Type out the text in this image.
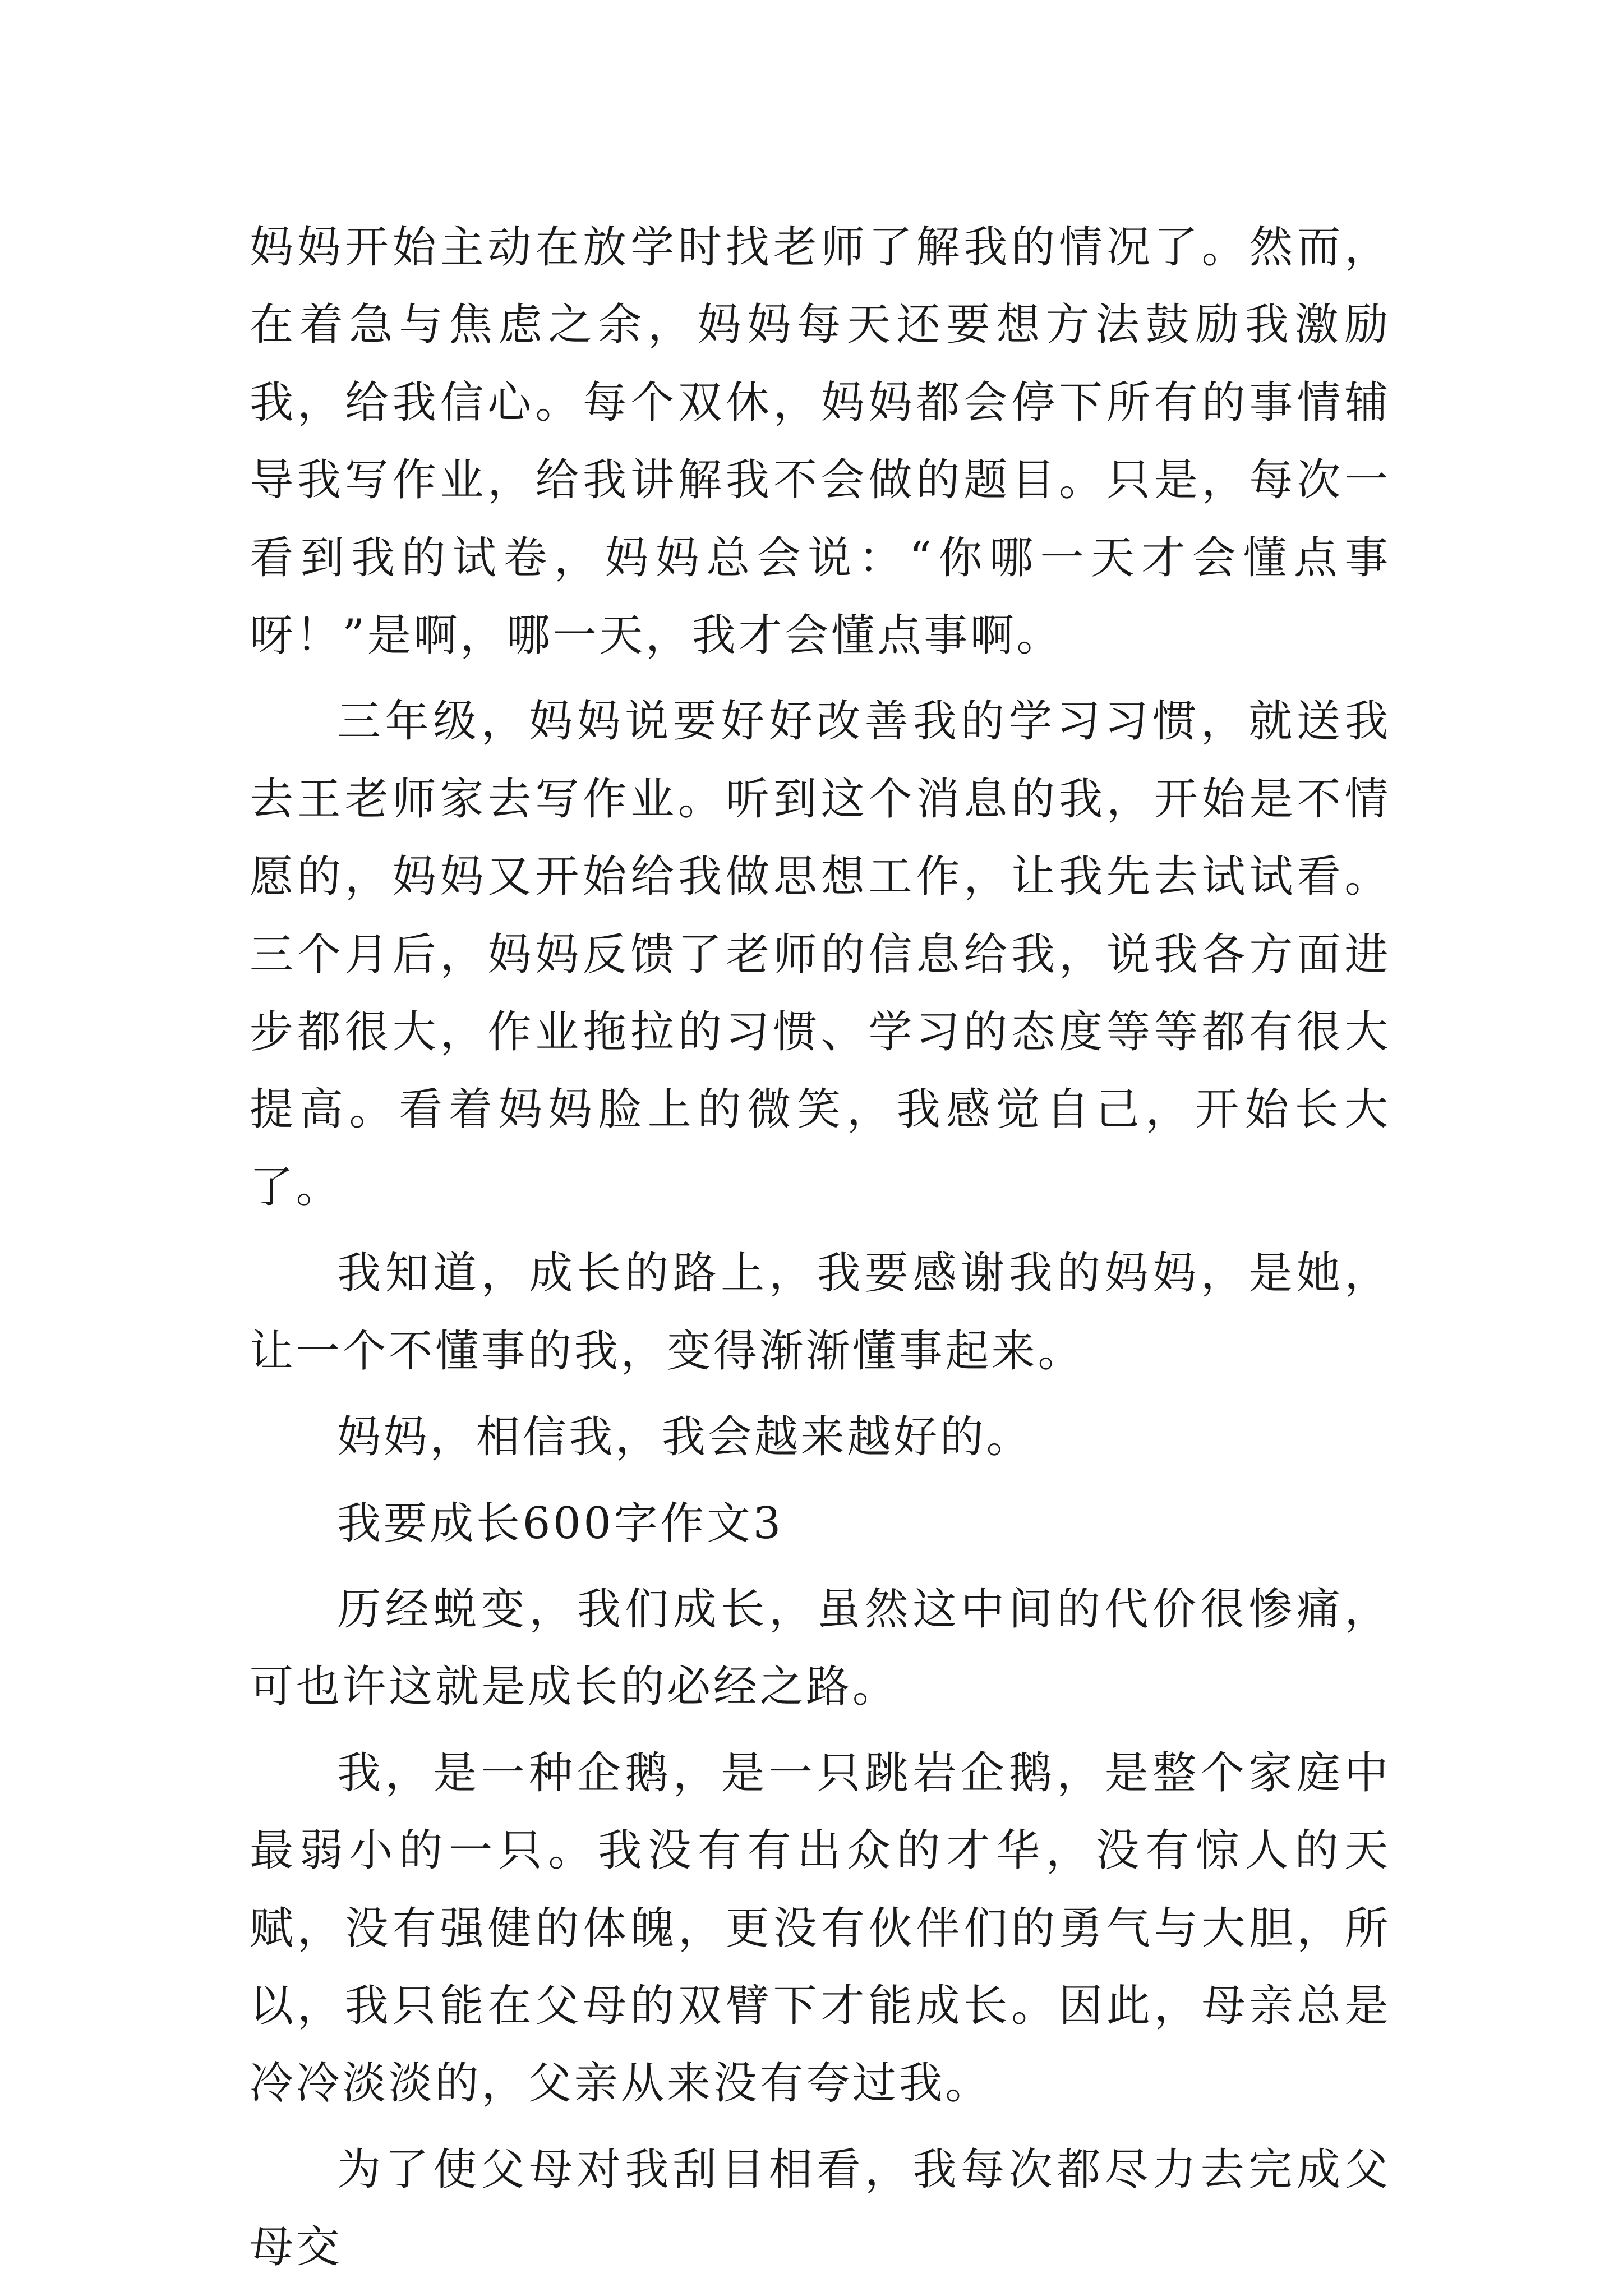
妈妈开始主动在放学时找老师了解我的情况了。然而，在着急与焦虑之余，妈妈每天还要想方法鼓励我激励我，给我信心。每个双休，妈妈都会停下所有的事情辅导我写作业，给我讲解我不会做的题目。只是，每次一看到我的试卷，妈妈总会说：“你哪一天才会懂点事呀！”是啊，哪一天，我才会懂点事啊。

三年级，妈妈说要好好改善我的学习习惯，就送我去王老师家去写作业。听到这个消息的我，开始是不情愿的，妈妈又开始给我做思想工作，让我先去试试看。三个月后，妈妈反馈了老师的信息给我，说我各方面进步都很大，作业拖拉的习惯、学习的态度等等都有很大提高。看着妈妈脸上的微笑，我感觉自己，开始长大了。

我知道，成长的路上，我要感谢我的妈妈，是她，让一个不懂事的我，变得渐渐懂事起来。

妈妈，相信我，我会越来越好的。

我要成长600字作文3

历经蜕变，我们成长，虽然这中间的代价很惨痛，可也许这就是成长的必经之路。

我，是一种企鹅，是一只跳岩企鹅，是整个家庭中最弱小的一只。我没有有出众的才华，没有惊人的天赋，没有强健的体魄，更没有伙伴们的勇气与大胆，所以，我只能在父母的双臂下才能成长。因此，母亲总是冷冷淡淡的，父亲从来没有夸过我。

为了使父母对我刮目相看，我每次都尽力去完成父母交
